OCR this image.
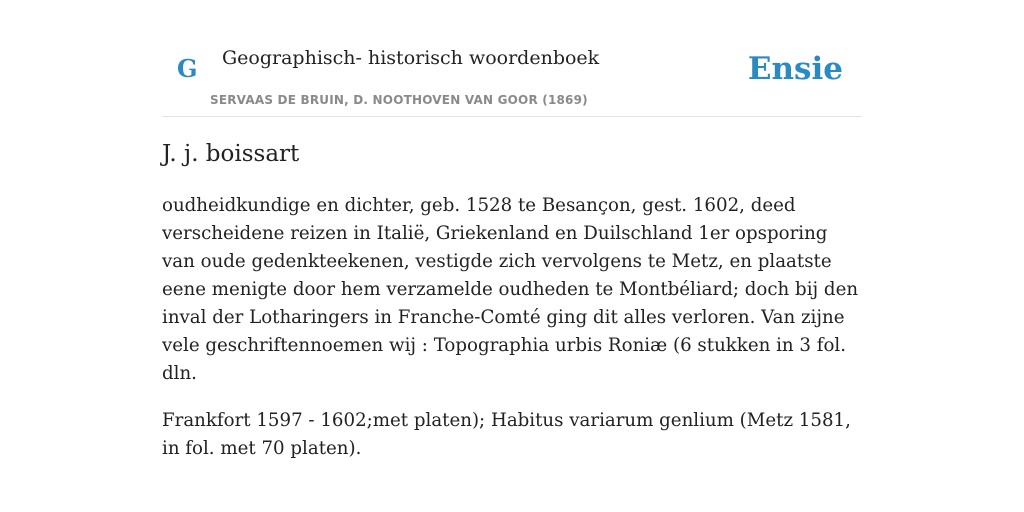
G Geographisch- historisch woordenboek
SERVAAS DE BRUIN, D. NOOTHOVEN VAN GOOR (1869)
Ensie
J. j. boissart

oudheidkundige en dichter, geb. 1528 te Besançon, gest. 1602, deed verscheidene reizen in Italië, Griekenland en Duilschland 1er opsporing van oude gedenkteekenen, vestigde zich vervolgens te Metz, en plaatste eene menigte door hem verzamelde oudheden te Montbéliard; doch bij den inval der Lotharingers in Franche-Comté ging dit alles verloren. Van zijne vele geschriftennoemen wij : Topographia urbis Roniæ (6 stukken in 3 fol. dln.

Frankfort 1597 - 1602;met platen); Habitus variarum genlium (Metz 1581, in fol. met 70 platen).
